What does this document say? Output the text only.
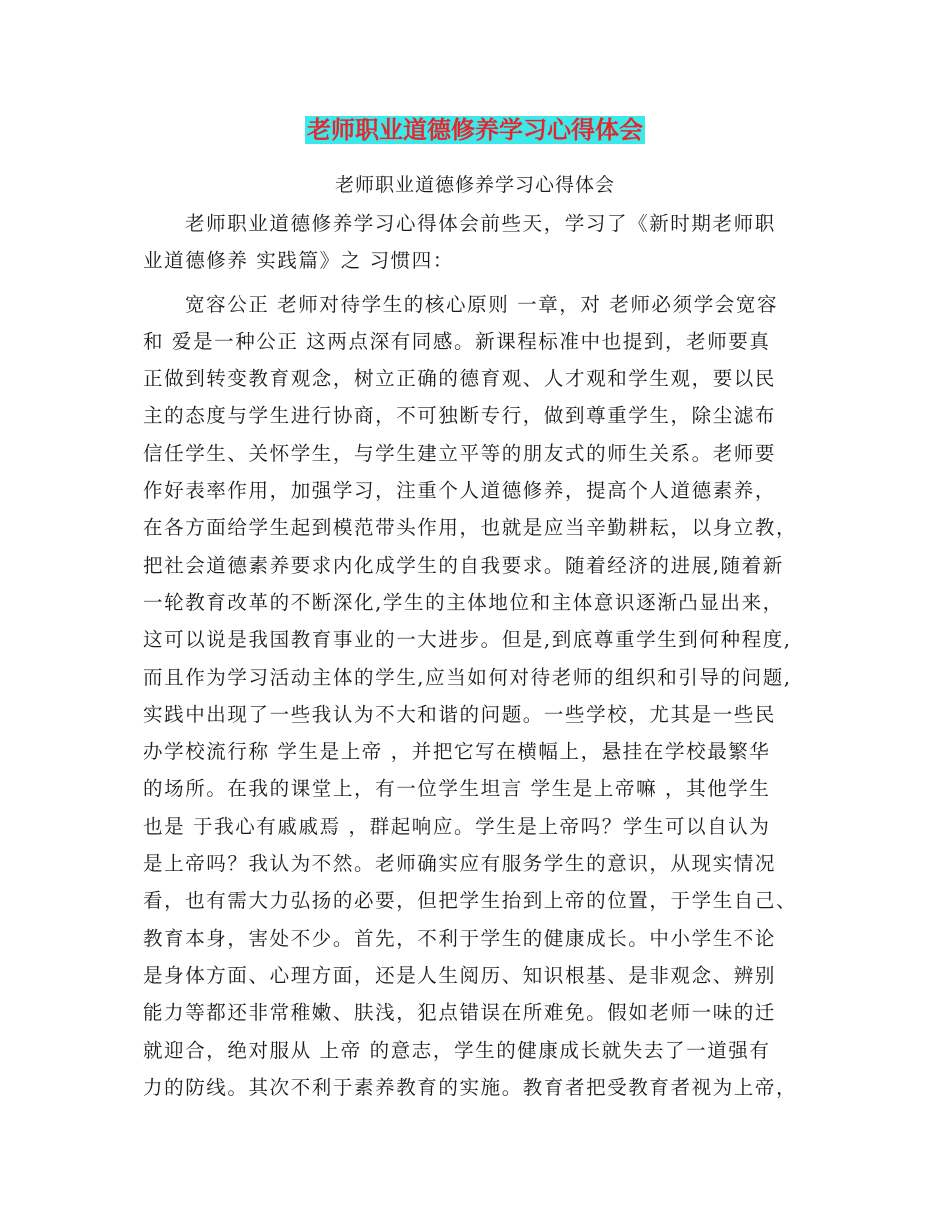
老师职业道德修养学习心得体会
老师职业道德修养学习心得体会
老师职业道德修养学习心得体会前些天，学习了《新时期老师职
业道德修养 实践篇》之 习惯四：
宽容公正 老师对待学生的核心原则 一章，对 老师必须学会宽容
和 爱是一种公正 这两点深有同感。新课程标准中也提到，老师要真
正做到转变教育观念，树立正确的德育观、人才观和学生观，要以民
主的态度与学生进行协商，不可独断专行，做到尊重学生，除尘滤布
信任学生、关怀学生，与学生建立平等的朋友式的师生关系。老师要
作好表率作用，加强学习，注重个人道德修养，提高个人道德素养，
在各方面给学生起到模范带头作用，也就是应当辛勤耕耘，以身立教，
把社会道德素养要求内化成学生的自我要求。随着经济的进展,随着新
一轮教育改革的不断深化,学生的主体地位和主体意识逐渐凸显出来，
这可以说是我国教育事业的一大进步。但是,到底尊重学生到何种程度,
而且作为学习活动主体的学生,应当如何对待老师的组织和引导的问题,
实践中出现了一些我认为不大和谐的问题。一些学校，尤其是一些民
办学校流行称 学生是上帝 ，并把它写在横幅上，悬挂在学校最繁华
的场所。在我的课堂上，有一位学生坦言 学生是上帝嘛 ，其他学生
也是 于我心有戚戚焉 ，群起响应。学生是上帝吗？学生可以自认为
是上帝吗？我认为不然。老师确实应有服务学生的意识，从现实情况
看，也有需大力弘扬的必要，但把学生抬到上帝的位置，于学生自己、
教育本身，害处不少。首先，不利于学生的健康成长。中小学生不论
是身体方面、心理方面，还是人生阅历、知识根基、是非观念、辨别
能力等都还非常稚嫩、肤浅，犯点错误在所难免。假如老师一味的迁
就迎合，绝对服从 上帝 的意志，学生的健康成长就失去了一道强有
力的防线。其次不利于素养教育的实施。教育者把受教育者视为上帝，
